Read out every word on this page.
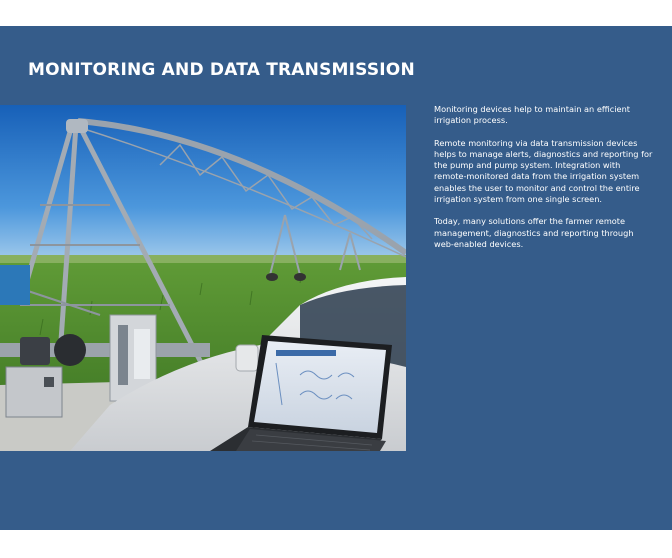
MONITORING AND DATA TRANSMISSION

Monitoring devices help to maintain an efficient irrigation process.

Remote monitoring via data transmission devices helps to manage alerts, diagnostics and reporting for the pump and pump system. Integration with remote-monitored data from the irrigation system enables the user to monitor and control the entire irrigation system from one single screen.

Today, many solutions offer the farmer remote management, diagnostics and reporting through web-enabled devices.
